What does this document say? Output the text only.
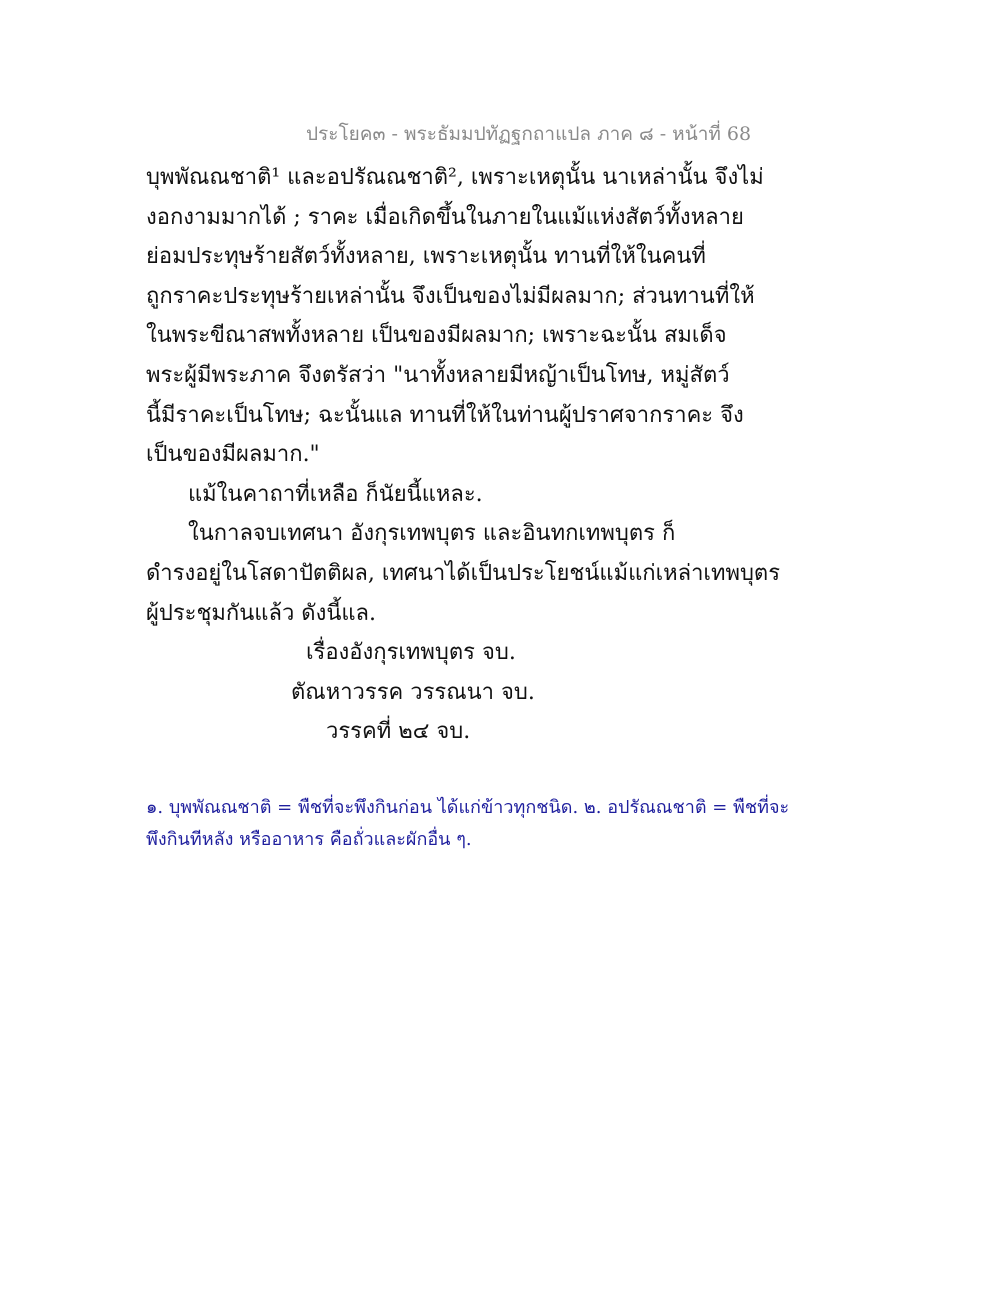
ประโยค๓ - พระธัมมปทัฏฐกถาแปล ภาค ๘ - หน้าที่ 68
บุพพัณณชาติ¹ และอปรัณณชาติ², เพราะเหตุนั้น นาเหล่านั้น จึงไม่
งอกงามมากได้ ; ราคะ เมื่อเกิดขึ้นในภายในแม้แห่งสัตว์ทั้งหลาย
ย่อมประทุษร้ายสัตว์ทั้งหลาย, เพราะเหตุนั้น ทานที่ให้ในคนที่
ถูกราคะประทุษร้ายเหล่านั้น จึงเป็นของไม่มีผลมาก; ส่วนทานที่ให้
ในพระขีณาสพทั้งหลาย เป็นของมีผลมาก; เพราะฉะนั้น สมเด็จ
พระผู้มีพระภาค จึงตรัสว่า "นาทั้งหลายมีหญ้าเป็นโทษ, หมู่สัตว์
นี้มีราคะเป็นโทษ; ฉะนั้นแล ทานที่ให้ในท่านผู้ปราศจากราคะ จึง
เป็นของมีผลมาก."
แม้ในคาถาที่เหลือ ก็นัยนี้แหละ.
ในกาลจบเทศนา อังกุรเทพบุตร และอินทกเทพบุตร ก็
ดำรงอยู่ในโสดาปัตติผล, เทศนาได้เป็นประโยชน์แม้แก่เหล่าเทพบุตร
ผู้ประชุมกันแล้ว ดังนี้แล.
เรื่องอังกุรเทพบุตร จบ.
ตัณหาวรรค วรรณนา จบ.
วรรคที่ ๒๔ จบ.
๑. บุพพัณณชาติ = พืชที่จะพึงกินก่อน ได้แก่ข้าวทุกชนิด. ๒. อปรัณณชาติ = พืชที่จะ
พึงกินทีหลัง หรืออาหาร คือถั่วและผักอื่น ๆ.
